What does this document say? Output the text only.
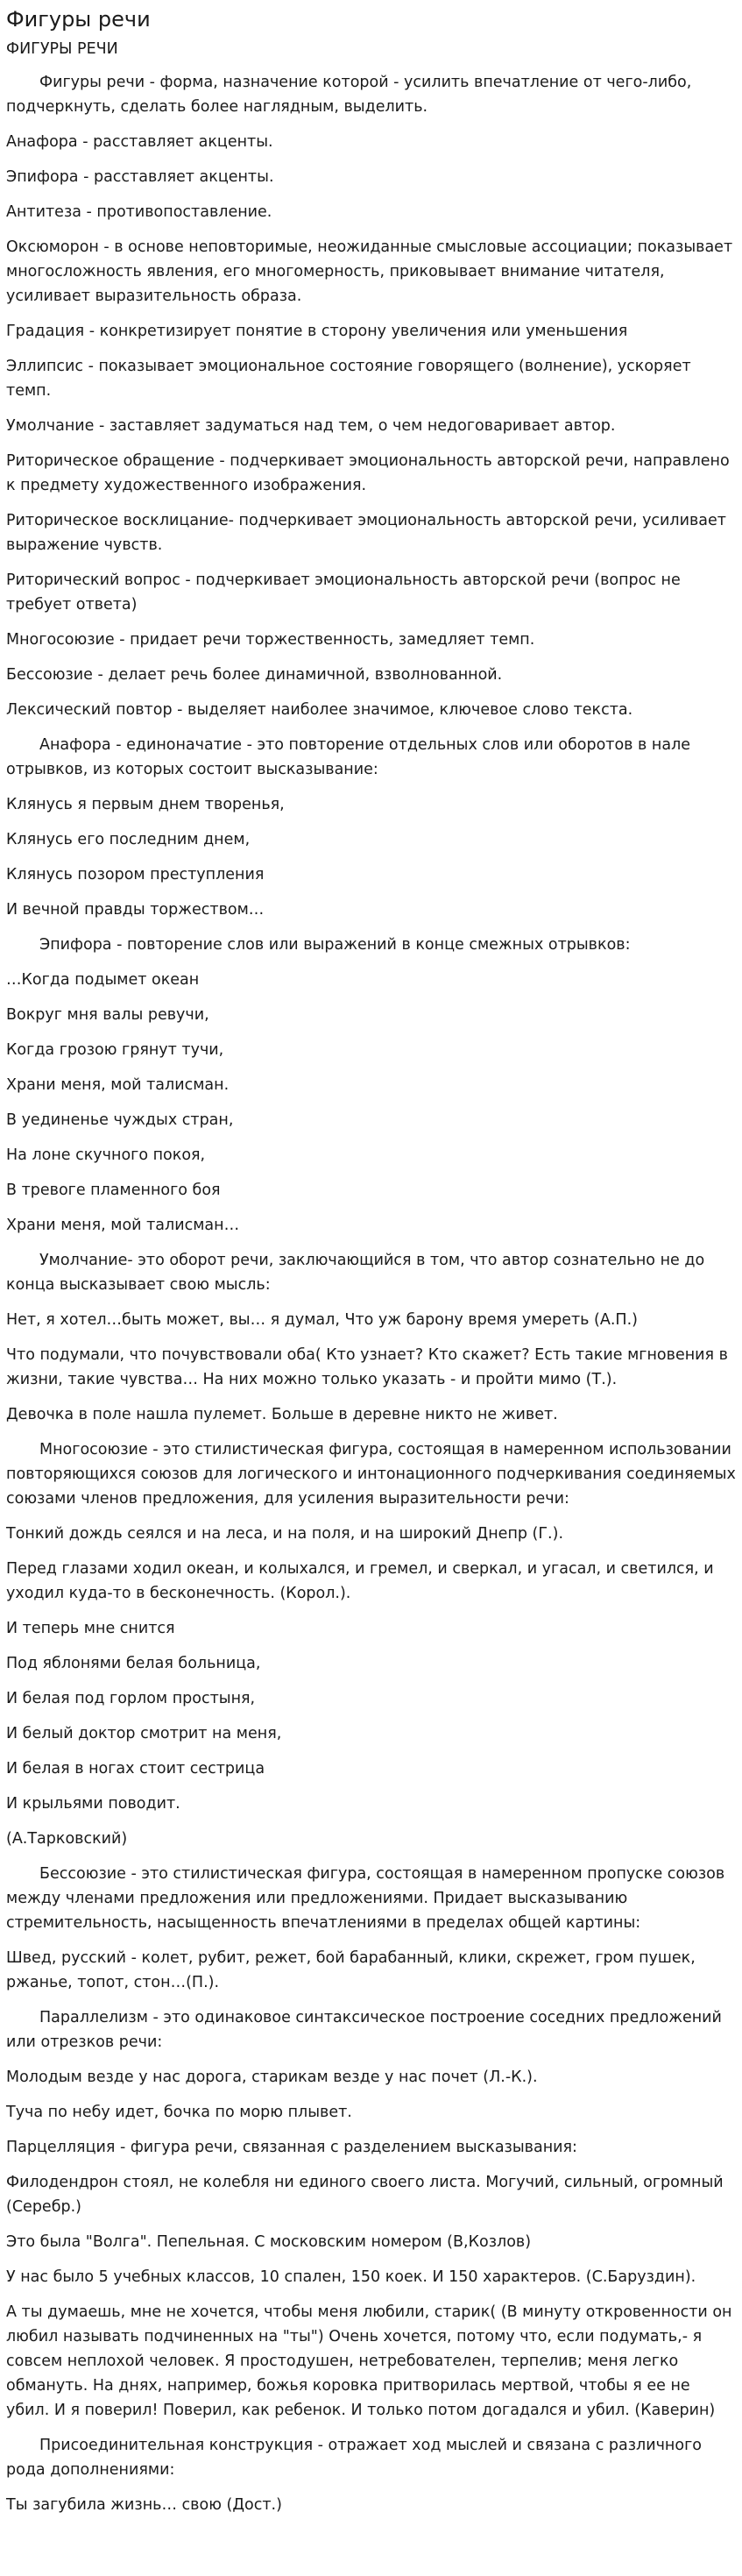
Фигуры речи
ФИГУРЫ РЕЧИ
Фигуры речи - форма, назначение которой - усилить впечатление от чего-либо, подчеркнуть, сделать более наглядным, выделить.
Анафора - расставляет акценты.
Эпифора - расставляет акценты.
Антитеза - противопоставление.
Оксюморон - в основе неповторимые, неожиданные смысловые ассоциации; показывает многосложность явления, его многомерность, приковывает внимание читателя, усиливает выразительность образа.
Градация - конкретизирует понятие в сторону увеличения или уменьшения
Эллипсис - показывает эмоциональное состояние говорящего (волнение), ускоряет темп.
Умолчание - заставляет задуматься над тем, о чем недоговаривает автор.
Риторическое обращение - подчеркивает эмоциональность авторской речи, направлено к предмету художественного изображения.
Риторическое восклицание- подчеркивает эмоциональность авторской речи, усиливает выражение чувств.
Риторический вопрос - подчеркивает эмоциональность авторской речи (вопрос не требует ответа)
Многосоюзие - придает речи торжественность, замедляет темп.
Бессоюзие - делает речь более динамичной, взволнованной.
Лексический повтор - выделяет наиболее значимое, ключевое слово текста.
Анафора - единоначатие - это повторение отдельных слов или оборотов в нале отрывков, из которых состоит высказывание:
Клянусь я первым днем творенья,
Клянусь его последним днем,
Клянусь позором преступления
И вечной правды торжеством…
Эпифора - повторение слов или выражений в конце смежных отрывков:
…Когда подымет океан
Вокруг мня валы ревучи,
Когда грозою грянут тучи,
Храни меня, мой талисман.
В уединенье чуждых стран,
На лоне скучного покоя,
В тревоге пламенного боя
Храни меня, мой талисман…
Умолчание- это оборот речи, заключающийся в том, что автор сознательно не до конца высказывает свою мысль:
Нет, я хотел…быть может, вы… я думал, Что уж барону время умереть (А.П.)
Что подумали, что почувствовали оба( Кто узнает? Кто скажет? Есть такие мгновения в жизни, такие чувства… На них можно только указать - и пройти мимо (Т.).
Девочка в поле нашла пулемет. Больше в деревне никто не живет.
Многосоюзие - это стилистическая фигура, состоящая в намеренном использовании повторяющихся союзов для логического и интонационного подчеркивания соединяемых союзами членов предложения, для усиления выразительности речи:
Тонкий дождь сеялся и на леса, и на поля, и на широкий Днепр (Г.).
Перед глазами ходил океан, и колыхался, и гремел, и сверкал, и угасал, и светился, и уходил куда-то в бесконечность. (Корол.).
И теперь мне снится
Под яблонями белая больница,
И белая под горлом простыня,
И белый доктор смотрит на меня,
И белая в ногах стоит сестрица
И крыльями поводит.
(А.Тарковский)
Бессоюзие - это стилистическая фигура, состоящая в намеренном пропуске союзов между членами предложения или предложениями. Придает высказыванию стремительность, насыщенность впечатлениями в пределах общей картины:
Швед, русский - колет, рубит, режет, бой барабанный, клики, скрежет, гром пушек, ржанье, топот, стон…(П.).
Параллелизм - это одинаковое синтаксическое построение соседних предложений или отрезков речи:
Молодым везде у нас дорога, старикам везде у нас почет (Л.-К.).
Туча по небу идет, бочка по морю плывет.
Парцелляция - фигура речи, связанная с разделением высказывания:
Филодендрон стоял, не колебля ни единого своего листа. Могучий, сильный, огромный (Серебр.)
Это была "Волга". Пепельная. С московским номером (В,Козлов)
У нас было 5 учебных классов, 10 спален, 150 коек. И 150 характеров. (С.Баруздин).
А ты думаешь, мне не хочется, чтобы меня любили, старик( (В минуту откровенности он любил называть подчиненных на "ты") Очень хочется, потому что, если подумать,- я совсем неплохой человек. Я простодушен, нетребователен, терпелив; меня легко обмануть. На днях, например, божья коровка притворилась мертвой, чтобы я ее не убил. И я поверил! Поверил, как ребенок. И только потом догадался и убил. (Каверин)
Присоединительная конструкция - отражает ход мыслей и связана с различного рода дополнениями:
Ты загубила жизнь… свою (Дост.)
